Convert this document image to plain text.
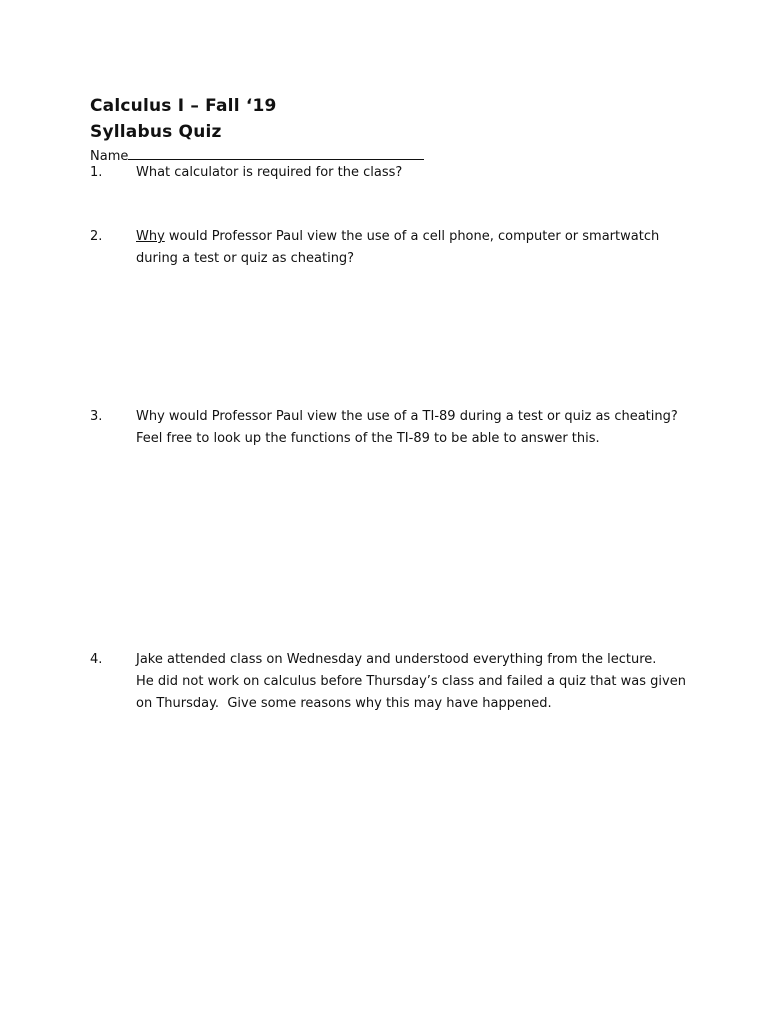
Calculus I – Fall ‘19
Syllabus Quiz
Name
1.	What calculator is required for the class?
2.	Why would Professor Paul view the use of a cell phone, computer or smartwatch
during a test or quiz as cheating?
3.	Why would Professor Paul view the use of a TI-89 during a test or quiz as cheating?
Feel free to look up the functions of the TI-89 to be able to answer this.
4.	Jake attended class on Wednesday and understood everything from the lecture.
He did not work on calculus before Thursday’s class and failed a quiz that was given
on Thursday.  Give some reasons why this may have happened.
